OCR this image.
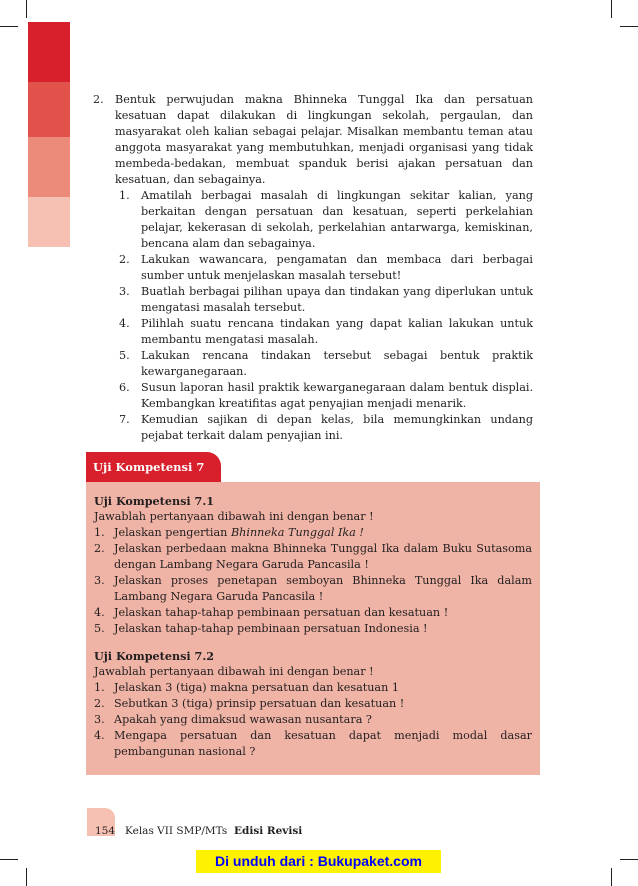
2.	Bentuk perwujudan makna Bhinneka Tunggal Ika dan persatuan kesatuan dapat dilakukan di lingkungan sekolah, pergaulan, dan masyarakat oleh kalian sebagai pelajar. Misalkan membantu teman atau anggota masyarakat yang membutuhkan, menjadi organisasi yang tidak membeda-bedakan, membuat spanduk berisi ajakan persatuan dan kesatuan, dan sebagainya.

1.	Amatilah berbagai masalah di lingkungan sekitar kalian, yang berkaitan dengan persatuan dan kesatuan, seperti perkelahian pelajar, kekerasan di sekolah, perkelahian antarwarga, kemiskinan, bencana alam dan sebagainya.
2.	Lakukan wawancara, pengamatan dan membaca dari berbagai sumber untuk menjelaskan masalah tersebut!
3.	Buatlah berbagai pilihan upaya dan tindakan yang diperlukan untuk mengatasi masalah tersebut.
4.	Pilihlah suatu rencana tindakan yang dapat kalian lakukan untuk membantu mengatasi masalah.
5.	Lakukan rencana tindakan tersebut sebagai bentuk praktik kewarganegaraan.
6.	Susun laporan hasil praktik kewarganegaraan dalam bentuk displai. Kembangkan kreatifitas agat penyajian menjadi menarik.
7.	Kemudian sajikan di depan kelas, bila memungkinkan undang pejabat terkait dalam penyajian ini.
Uji Kompetensi 7
Uji Kompetensi 7.1
Jawablah pertanyaan dibawah ini dengan benar !
1. Jelaskan pengertian Bhinneka Tunggal Ika !
2. Jelaskan perbedaan makna Bhinneka Tunggal Ika dalam Buku Sutasoma dengan Lambang Negara Garuda Pancasila !
3. Jelaskan proses penetapan semboyan Bhinneka Tunggal Ika dalam Lambang Negara Garuda Pancasila !
4. Jelaskan tahap-tahap pembinaan persatuan dan kesatuan !
5. Jelaskan tahap-tahap pembinaan persatuan Indonesia !
Uji Kompetensi 7.2
Jawablah pertanyaan dibawah ini dengan benar !
1. Jelaskan 3 (tiga) makna persatuan dan kesatuan 1
2. Sebutkan 3 (tiga) prinsip persatuan dan kesatuan !
3. Apakah yang dimaksud wawasan nusantara ?
4. Mengapa persatuan dan kesatuan dapat menjadi modal dasar pembangunan nasional ?
154 Kelas VII SMP/MTs Edisi Revisi
Di unduh dari : Bukupaket.com
